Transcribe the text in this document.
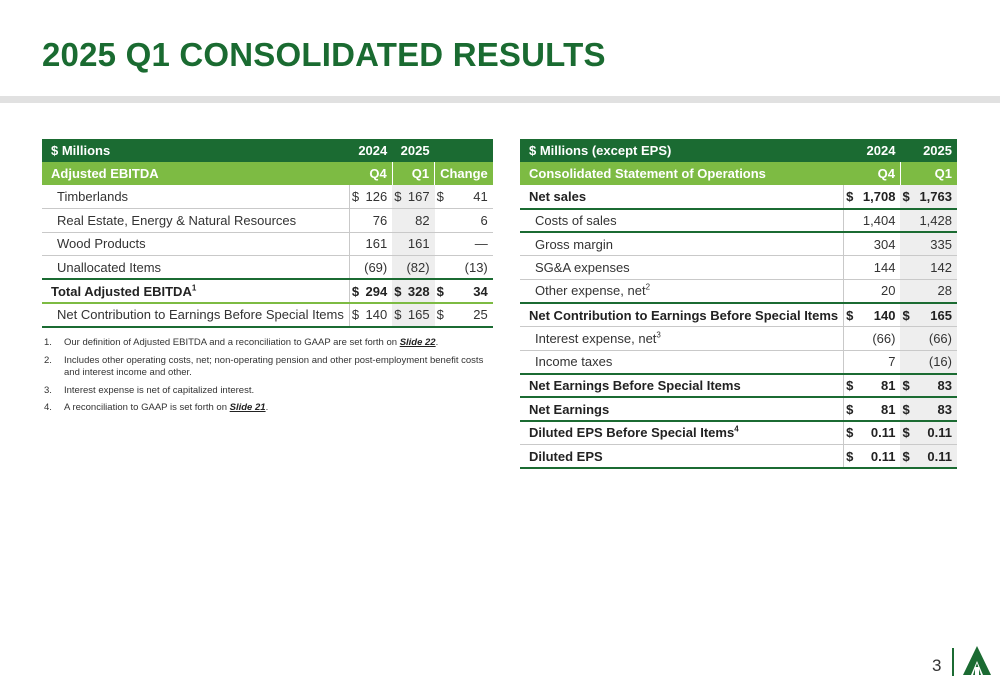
2025 Q1 CONSOLIDATED RESULTS
$ Millions	2024		2025			
Adjusted EBITDA	Q4		Q1		Change	
Timberlands	$	126	$	167	$	41
Real Estate, Energy & Natural Resources		76		82		6
Wood Products		161		161		—
Unallocated Items		(69)		(82)		(13)
Total Adjusted EBITDA$^1$	$	294	$	328	$	34
Net Contribution to Earnings Before Special Items	$	140	$	165	$	25
1.	Our definition of Adjusted EBITDA and a reconciliation to GAAP are set forth on Slide 22.
2.	Includes other operating costs, net; non-operating pension and other post-employment benefit costs and interest income and other.
3.	Interest expense is net of capitalized interest.
4.	A reconciliation to GAAP is set forth on Slide 21.
$ Millions (except EPS)	2024		2025	
Consolidated Statement of Operations	Q4		Q1	
Net sales	$	1,708	$	1,763
Costs of sales		1,404		1,428
Gross margin		304		335
SG&A expenses		144		142
Other expense, net$^2$		20		28
Net Contribution to Earnings Before Special Items	$	140	$	165
Interest expense, net$^3$		(66)		(66)
Income taxes		7		(16)
Net Earnings Before Special Items	$	81	$	83
Net Earnings	$	81	$	83
Diluted EPS Before Special Items$^4$	$	0.11	$	0.11
Diluted EPS	$	0.11	$	0.11
3
